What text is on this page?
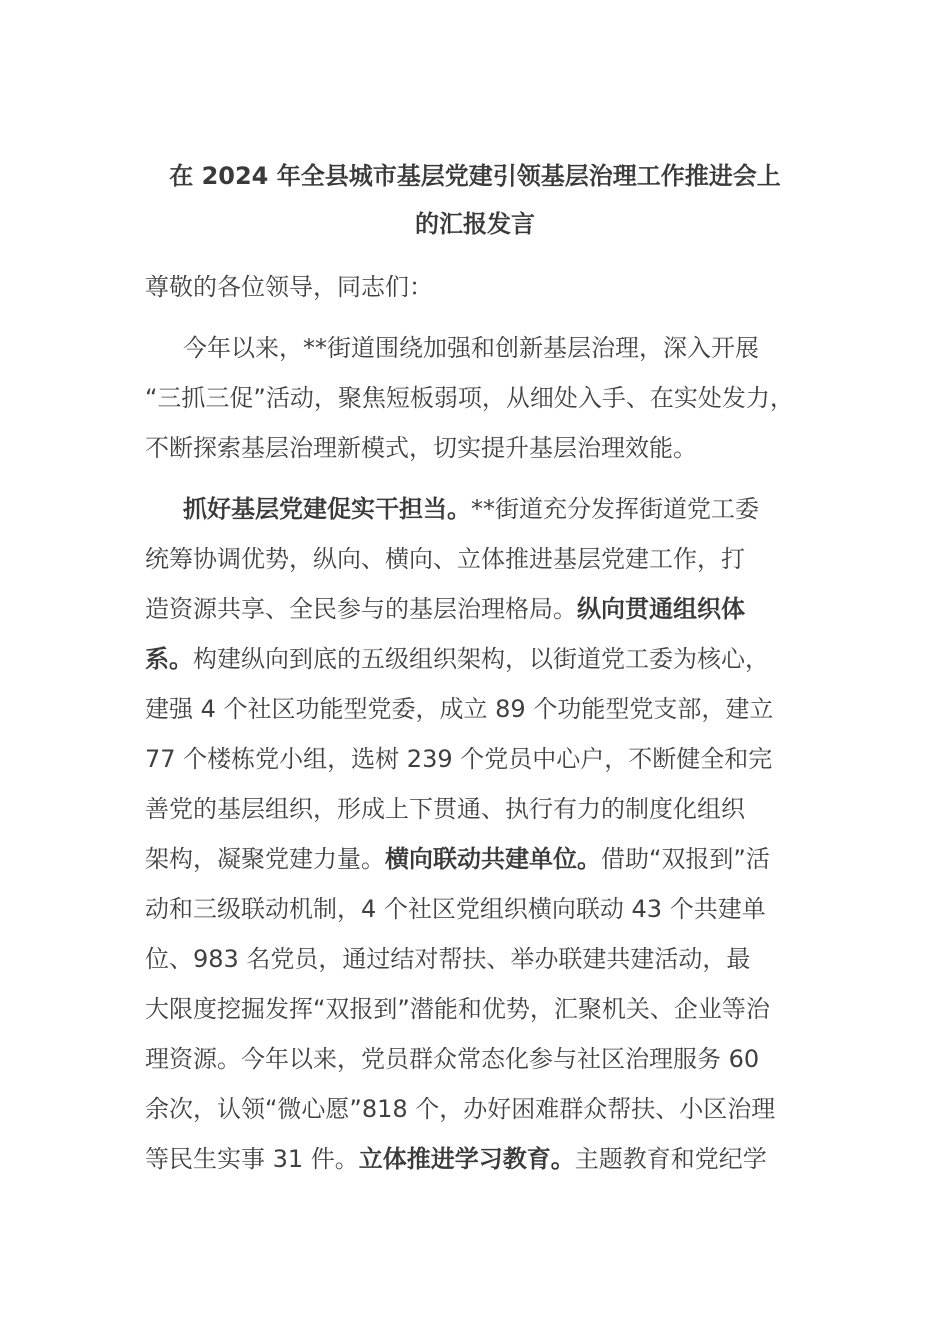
在 2024 年全县城市基层党建引领基层治理工作推进会上
的汇报发言

尊敬的各位领导，同志们：

今年以来，**街道围绕加强和创新基层治理，深入开展
“三抓三促”活动，聚焦短板弱项，从细处入手、在实处发力，
不断探索基层治理新模式，切实提升基层治理效能。
抓好基层党建促实干担当。**街道充分发挥街道党工委
统筹协调优势，纵向、横向、立体推进基层党建工作，打
造资源共享、全民参与的基层治理格局。纵向贯通组织体
系。构建纵向到底的五级组织架构，以街道党工委为核心，
建强 4 个社区功能型党委，成立 89 个功能型党支部，建立
77 个楼栋党小组，选树 239 个党员中心户，不断健全和完
善党的基层组织，形成上下贯通、执行有力的制度化组织
架构，凝聚党建力量。横向联动共建单位。借助“双报到”活
动和三级联动机制，4 个社区党组织横向联动 43 个共建单
位、983 名党员，通过结对帮扶、举办联建共建活动，最
大限度挖掘发挥“双报到”潜能和优势，汇聚机关、企业等治
理资源。今年以来，党员群众常态化参与社区治理服务 60
余次，认领“微心愿”818 个，办好困难群众帮扶、小区治理
等民生实事 31 件。立体推进学习教育。主题教育和党纪学
